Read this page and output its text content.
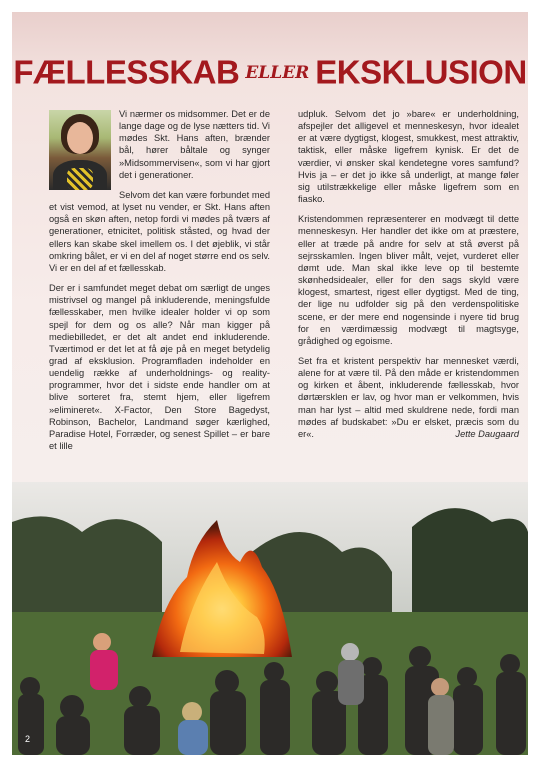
FÆLLESSKAB ELLER EKSKLUSION

Vi nærmer os midsommer. Det er de lange dage og de lyse nætters tid. Vi mødes Skt. Hans aften, brænder bål, hører båltale og synger »Midsommervisen«, som vi har gjort det i generationer.

Selvom det kan være forbundet med et vist vemod, at lyset nu vender, er Skt. Hans aften også en skøn aften, netop fordi vi mødes på tværs af generationer, etnicitet, politisk ståsted, og hvad der ellers kan skabe skel imellem os. I det øjeblik, vi står omkring bålet, er vi en del af noget større end os selv. Vi er en del af et fællesskab.

Der er i samfundet meget debat om særligt de unges mistrivsel og mangel på inkluderende, meningsfulde fællesskaber, men hvilke idealer holder vi op som spejl for dem og os alle? Når man kigger på mediebilledet, er det alt andet end inkluderende. Tværtimod er det let at få øje på en meget betydelig grad af eksklusion. Programfladen indeholder en uendelig række af underholdnings- og reality-programmer, hvor det i sidste ende handler om at blive sorteret fra, stemt hjem, eller ligefrem »elimineret«. X-Factor, Den Store Bagedyst, Robinson, Bachelor, Landmand søger kærlighed, Paradise Hotel, Forræder, og senest Spillet – er bare et lille

udpluk. Selvom det jo »bare« er underholdning, afspejler det alligevel et menneskesyn, hvor idealet er at være dygtigst, klogest, smukkest, mest attraktiv, taktisk, eller måske ligefrem kynisk. Er det de værdier, vi ønsker skal kendetegne vores samfund? Hvis ja – er det jo ikke så underligt, at mange føler sig utilstrækkelige eller måske ligefrem som en fiasko.

Kristendommen repræsenterer en modvægt til dette menneskesyn. Her handler det ikke om at præstere, eller at træde på andre for selv at stå øverst på sejrsskamlen. Ingen bliver målt, vejet, vurderet eller dømt ude. Man skal ikke leve op til bestemte skønhedsidealer, eller for den sags skyld være klogest, smartest, rigest eller dygtigst. Med de ting, der lige nu udfolder sig på den verdenspolitiske scene, er der mere end nogensinde i nyere tid brug for en værdimæssig modvægt til magtsyge, grådighed og egoisme.

Set fra et kristent perspektiv har mennesket værdi, alene for at være til. På den måde er kristendommen og kirken et åbent, inkluderende fællesskab, hvor dørtærsklen er lav, og hvor man er velkommen, hvis man har lyst – altid med skuldrene nede, fordi man mødes af budskabet: »Du er elsket, præcis som du er«.	Jette Daugaard

2
